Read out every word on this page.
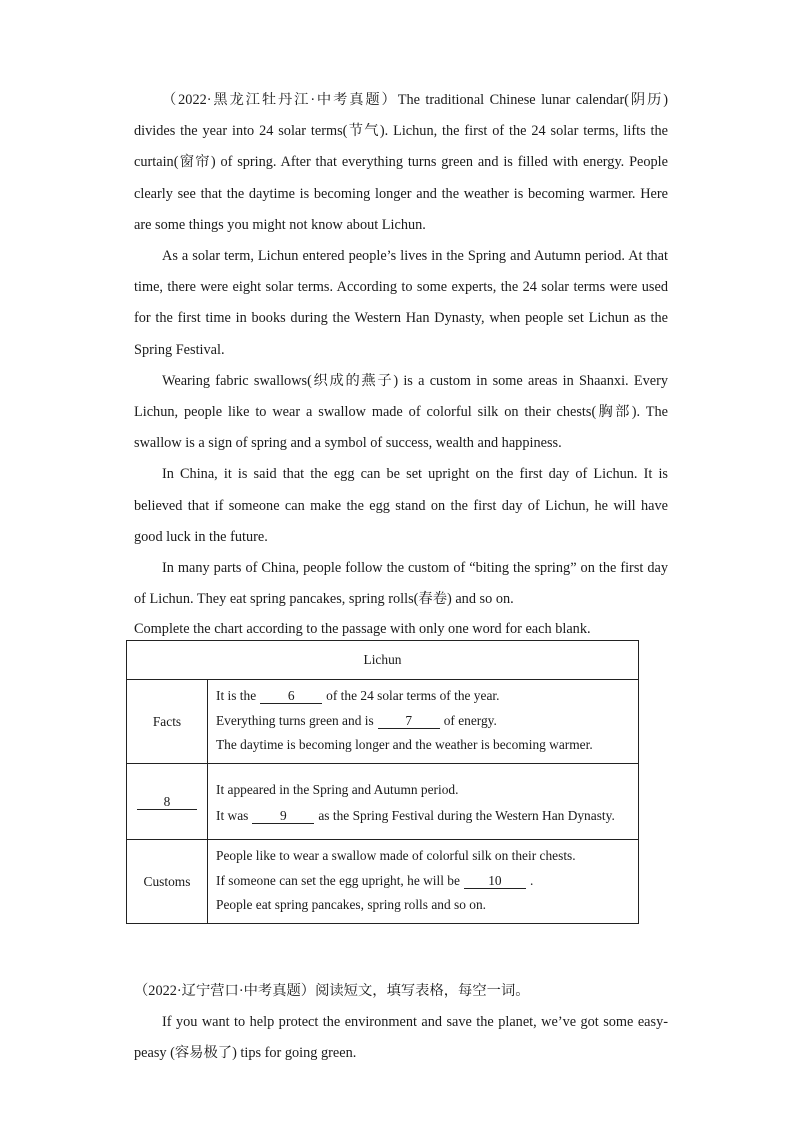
（2022·黑龙江牡丹江·中考真题）The traditional Chinese lunar calendar(阴历) divides the year into 24 solar terms(节气). Lichun, the first of the 24 solar terms, lifts the curtain(窗帘) of spring. After that everything turns green and is filled with energy. People clearly see that the daytime is becoming longer and the weather is becoming warmer. Here are some things you might not know about Lichun.

As a solar term, Lichun entered people’s lives in the Spring and Autumn period. At that time, there were eight solar terms. According to some experts, the 24 solar terms were used for the first time in books during the Western Han Dynasty, when people set Lichun as the Spring Festival.

Wearing fabric swallows(织成的燕子) is a custom in some areas in Shaanxi. Every Lichun, people like to wear a swallow made of colorful silk on their chests(胸部). The swallow is a sign of spring and a symbol of success, wealth and happiness.

In China, it is said that the egg can be set upright on the first day of Lichun. It is believed that if someone can make the egg stand on the first day of Lichun, he will have good luck in the future.

In many parts of China, people follow the custom of “biting the spring” on the first day of Lichun. They eat spring pancakes, spring rolls(春卷) and so on.

Complete the chart according to the passage with only one word for each blank.

Lichun	
Facts	It is the 6 of the 24 solar terms of the year.
Everything turns green and is 7 of energy.
The daytime is becoming longer and the weather is becoming warmer.

8	It appeared in the Spring and Autumn period.
It was 9 as the Spring Festival during the Western Han Dynasty.

Customs	People like to wear a swallow made of colorful silk on their chests.
If someone can set the egg upright, he will be 10 .
People eat spring pancakes, spring rolls and so on.

（2022·辽宁营口·中考真题）阅读短文，填写表格，每空一词。

If you want to help protect the environment and save the planet, we’ve got some easy-peasy (容易极了) tips for going green.
